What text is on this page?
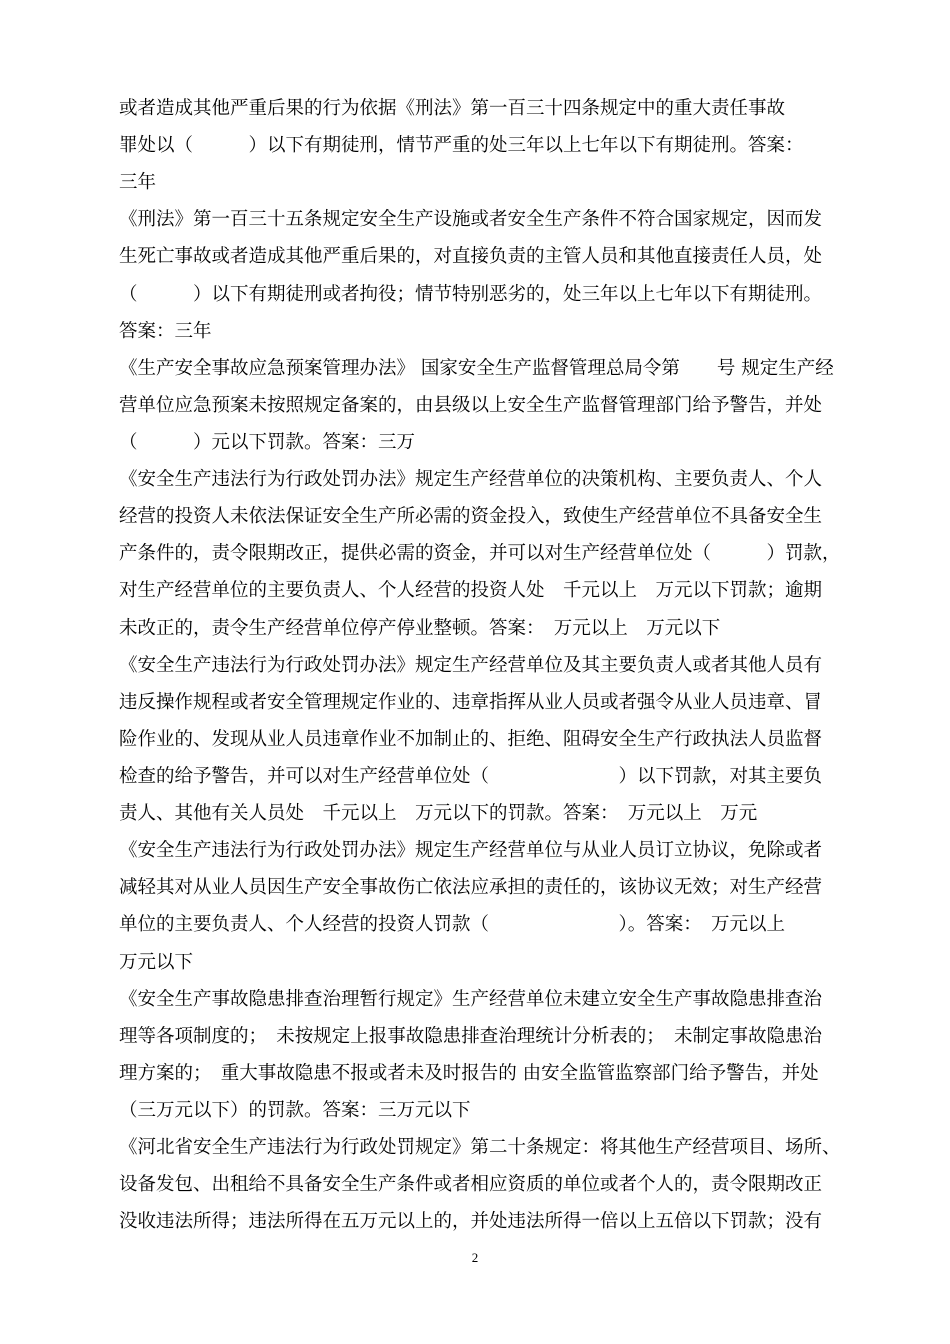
或者造成其他严重后果的行为依据《刑法》第一百三十四条规定中的重大责任事故
罪处以（　　　）以下有期徒刑，情节严重的处三年以上七年以下有期徒刑。答案：
三年
《刑法》第一百三十五条规定安全生产设施或者安全生产条件不符合国家规定，因而发
生死亡事故或者造成其他严重后果的，对直接负责的主管人员和其他直接责任人员，处
（　　　）以下有期徒刑或者拘役；情节特别恶劣的，处三年以上七年以下有期徒刑。
答案：三年
《生产安全事故应急预案管理办法》 国家安全生产监督管理总局令第　　号 规定生产经
营单位应急预案未按照规定备案的，由县级以上安全生产监督管理部门给予警告，并处
（　　　）元以下罚款。答案：三万
《安全生产违法行为行政处罚办法》规定生产经营单位的决策机构、主要负责人、个人
经营的投资人未依法保证安全生产所必需的资金投入，致使生产经营单位不具备安全生
产条件的，责令限期改正，提供必需的资金，并可以对生产经营单位处（　　　）罚款，
对生产经营单位的主要负责人、个人经营的投资人处　千元以上　万元以下罚款；逾期
未改正的，责令生产经营单位停产停业整顿。答案：　万元以上　万元以下
《安全生产违法行为行政处罚办法》规定生产经营单位及其主要负责人或者其他人员有
违反操作规程或者安全管理规定作业的、违章指挥从业人员或者强令从业人员违章、冒
险作业的、发现从业人员违章作业不加制止的、拒绝、阻碍安全生产行政执法人员监督
检查的给予警告，并可以对生产经营单位处（　　　　　　　）以下罚款，对其主要负
责人、其他有关人员处　千元以上　万元以下的罚款。答案：　万元以上　万元
《安全生产违法行为行政处罚办法》规定生产经营单位与从业人员订立协议，免除或者
减轻其对从业人员因生产安全事故伤亡依法应承担的责任的，该协议无效；对生产经营
单位的主要负责人、个人经营的投资人罚款（　　　　　　　）。答案：　万元以上
万元以下
《安全生产事故隐患排查治理暂行规定》生产经营单位未建立安全生产事故隐患排查治
理等各项制度的；　未按规定上报事故隐患排查治理统计分析表的；　未制定事故隐患治
理方案的；　重大事故隐患不报或者未及时报告的 由安全监管监察部门给予警告，并处
（三万元以下）的罚款。答案：三万元以下
《河北省安全生产违法行为行政处罚规定》第二十条规定：将其他生产经营项目、场所、
设备发包、出租给不具备安全生产条件或者相应资质的单位或者个人的，责令限期改正
没收违法所得；违法所得在五万元以上的，并处违法所得一倍以上五倍以下罚款；没有
2
